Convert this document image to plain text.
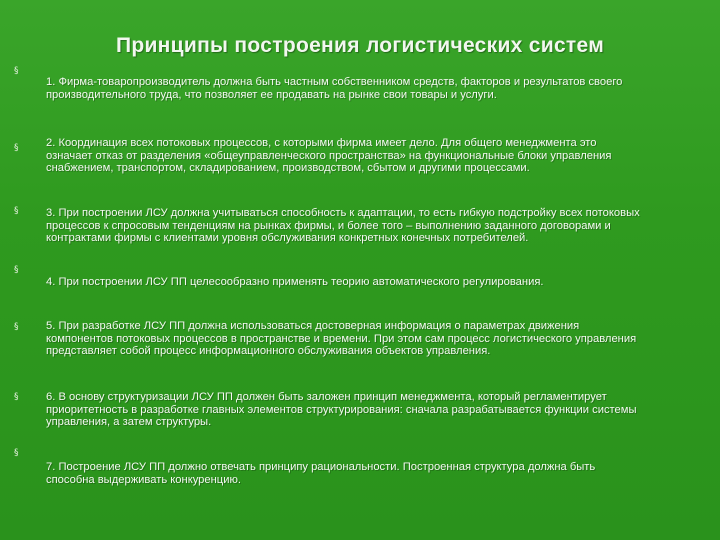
Принципы построения логистических систем
§
§
§
§
§
§
§
1. Фирма-товаропроизводитель должна быть частным собственником средств, факторов и результатов своего производительного труда, что позволяет ее продавать на рынке свои товары и услуги.
2. Координация всех потоковых процессов, с которыми фирма имеет дело. Для общего менеджмента это означает отказ от разделения «общеуправленческого пространства» на функциональные блоки управления снабжением, транспортом, складированием, производством, сбытом и другими процессами.
3. При построении ЛСУ должна учитываться способность к адаптации, то есть гибкую подстройку всех потоковых процессов к спросовым тенденциям на рынках фирмы, и более того – выполнению заданного договорами и контрактами фирмы с клиентами уровня обслуживания конкретных конечных потребителей.
4. При построении ЛСУ ПП целесообразно применять теорию автоматического регулирования.
5. При разработке ЛСУ ПП должна использоваться достоверная информация о параметрах движения компонентов потоковых процессов в пространстве и времени. При этом сам процесс логистического управления представляет собой процесс информационного обслуживания объектов управления.
6. В основу структуризации ЛСУ ПП должен быть заложен принцип менеджмента, который регламентирует приоритетность в разработке главных элементов структурирования: сначала разрабатывается функции системы управления, а затем структуры.
7. Построение ЛСУ ПП должно отвечать принципу рациональности. Построенная структура должна быть способна выдерживать конкуренцию.
